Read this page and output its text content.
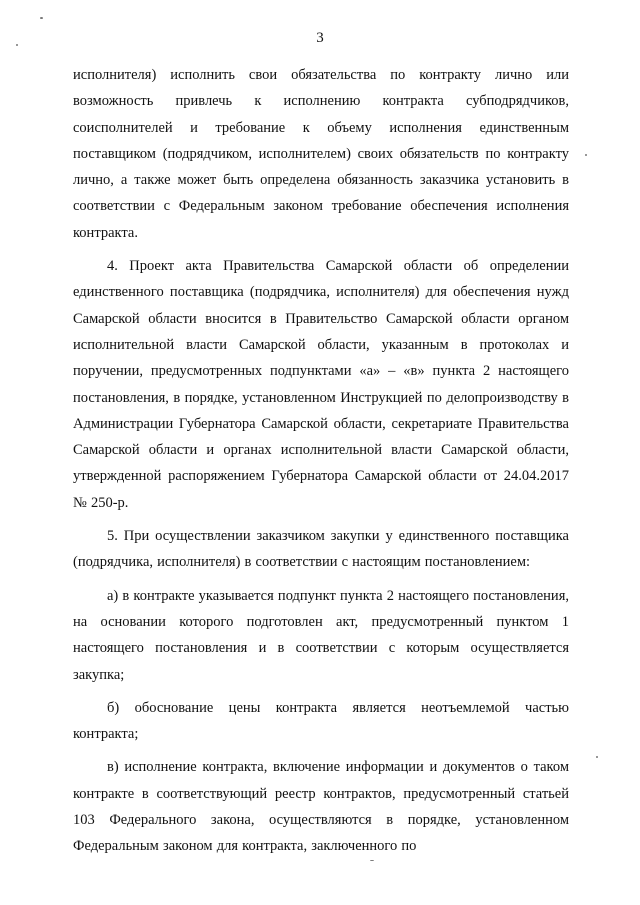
3

исполнителя) исполнить свои обязательства по контракту лично или возможность привлечь к исполнению контракта субподрядчиков, соисполнителей и требование к объему исполнения единственным поставщиком (подрядчиком, исполнителем) своих обязательств по контракту лично, а также может быть определена обязанность заказчика установить в соответствии с Федеральным законом требование обеспечения исполнения контракта.

4. Проект акта Правительства Самарской области об определении единственного поставщика (подрядчика, исполнителя) для обеспечения нужд Самарской области вносится в Правительство Самарской области органом исполнительной власти Самарской области, указанным в протоколах и поручении, предусмотренных подпунктами «а» – «в» пункта 2 настоящего постановления, в порядке, установленном Инструкцией по делопроизводству в Администрации Губернатора Самарской области, секретариате Правительства Самарской области и органах исполнительной власти Самарской области, утвержденной распоряжением Губернатора Самарской области от 24.04.2017 № 250-р.

5. При осуществлении заказчиком закупки у единственного поставщика (подрядчика, исполнителя) в соответствии с настоящим постановлением:

а) в контракте указывается подпункт пункта 2 настоящего постановления, на основании которого подготовлен акт, предусмотренный пунктом 1 настоящего постановления и в соответствии с которым осуществляется закупка;

б) обоснование цены контракта является неотъемлемой частью контракта;

в) исполнение контракта, включение информации и документов о таком контракте в соответствующий реестр контрактов, предусмотренный статьей 103 Федерального закона, осуществляются в порядке, установленном Федеральным законом для контракта, заключенного по
